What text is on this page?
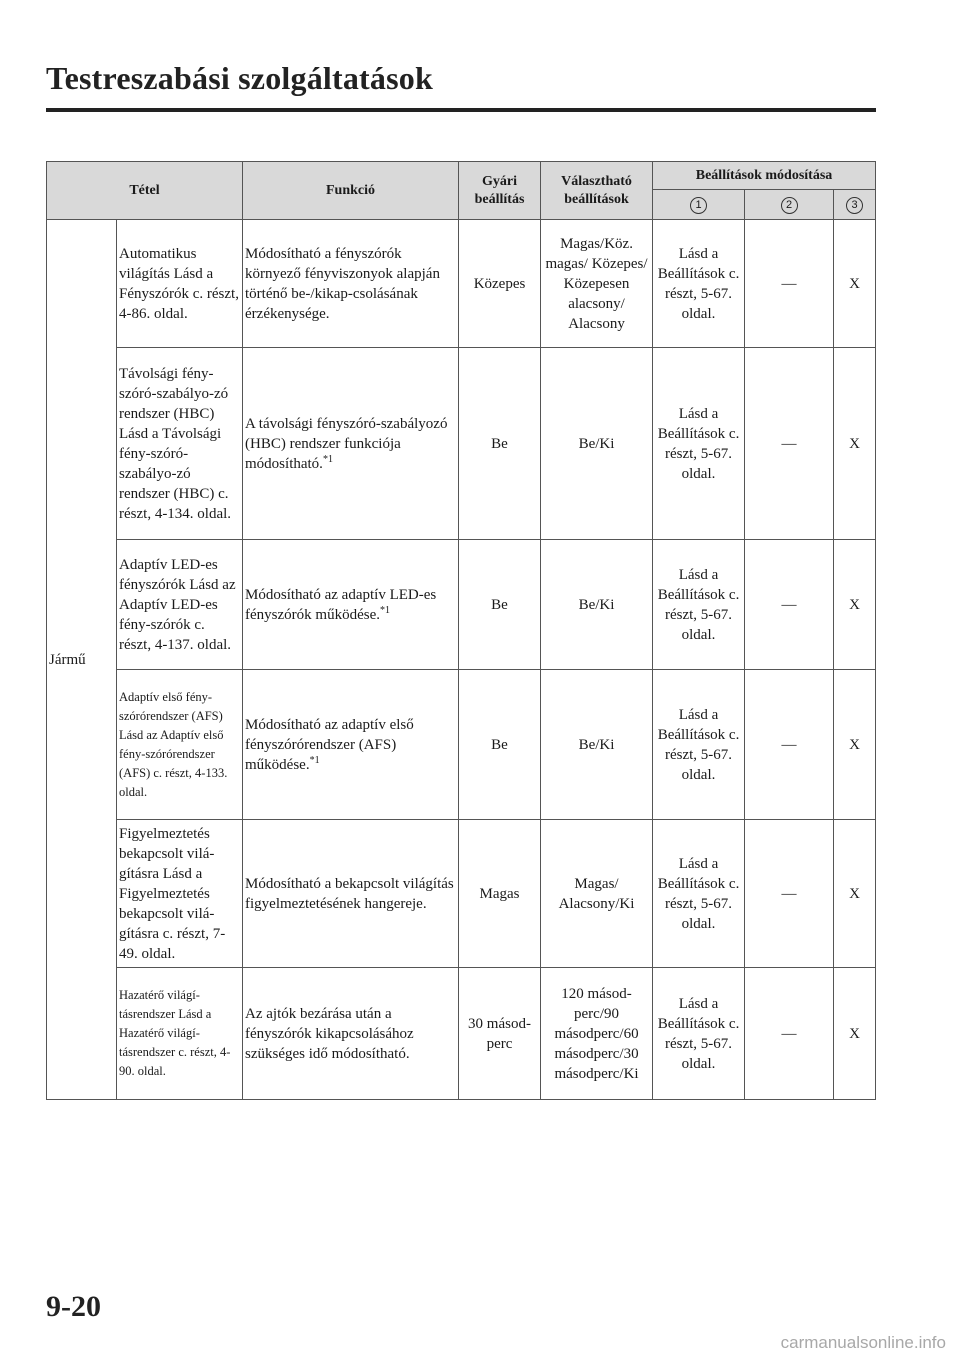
Testreszabási szolgáltatások
Tétel		Funkció	Gyári beállítás	Választható beállítások	Beállítások módosítása		
					1	2	3
Jármű	Automatikus világítás Lásd a Fényszórók c. részt, 4-86. oldal.	Módosítható a fényszórók környező fényviszonyok alapján történő be-/kikap-csolásának érzékenysége.	Közepes	Magas/Köz. magas/ Közepes/ Közepesen alacsony/ Alacsony	Lásd a Beállítások c. részt, 5-67. oldal.	—	X
	Távolsági fény-szóró-szabályo-zó rendszer (HBC) Lásd a Távolsági fény-szóró-szabályo-zó rendszer (HBC) c. részt, 4-134. oldal.	A távolsági fényszóró-szabályozó (HBC) rendszer funkciója módosítható.$^{*1}$	Be	Be/Ki	Lásd a Beállítások c. részt, 5-67. oldal.	—	X
	Adaptív LED-es fényszórók Lásd az Adaptív LED-es fény-szórók c. részt, 4-137. oldal.	Módosítható az adaptív LED-es fényszórók működése.$^{*1}$	Be	Be/Ki	Lásd a Beállítások c. részt, 5-67. oldal.	—	X
	Adaptív első fény-szórórendszer (AFS) Lásd az Adaptív első fény-szórórendszer (AFS) c. részt, 4-133. oldal.	Módosítható az adaptív első fényszórórendszer (AFS) működése.$^{*1}$	Be	Be/Ki	Lásd a Beállítások c. részt, 5-67. oldal.	—	X
	Figyelmeztetés bekapcsolt vilá-gításra Lásd a Figyelmeztetés bekapcsolt vilá-gításra c. részt, 7-49. oldal.	Módosítható a bekapcsolt világítás figyelmeztetésének hangereje.	Magas	Magas/ Alacsony/Ki	Lásd a Beállítások c. részt, 5-67. oldal.	—	X
	Hazatérő világí-tásrendszer Lásd a Hazatérő világí-tásrendszer c. részt, 4-90. oldal.	Az ajtók bezárása után a fényszórók kikapcsolásához szükséges idő módosítható.	30 másod-perc	120 másod-perc/90 másodperc/60 másodperc/30 másodperc/Ki	Lásd a Beállítások c. részt, 5-67. oldal.	—	X
9-20
carmanualsonline.info
